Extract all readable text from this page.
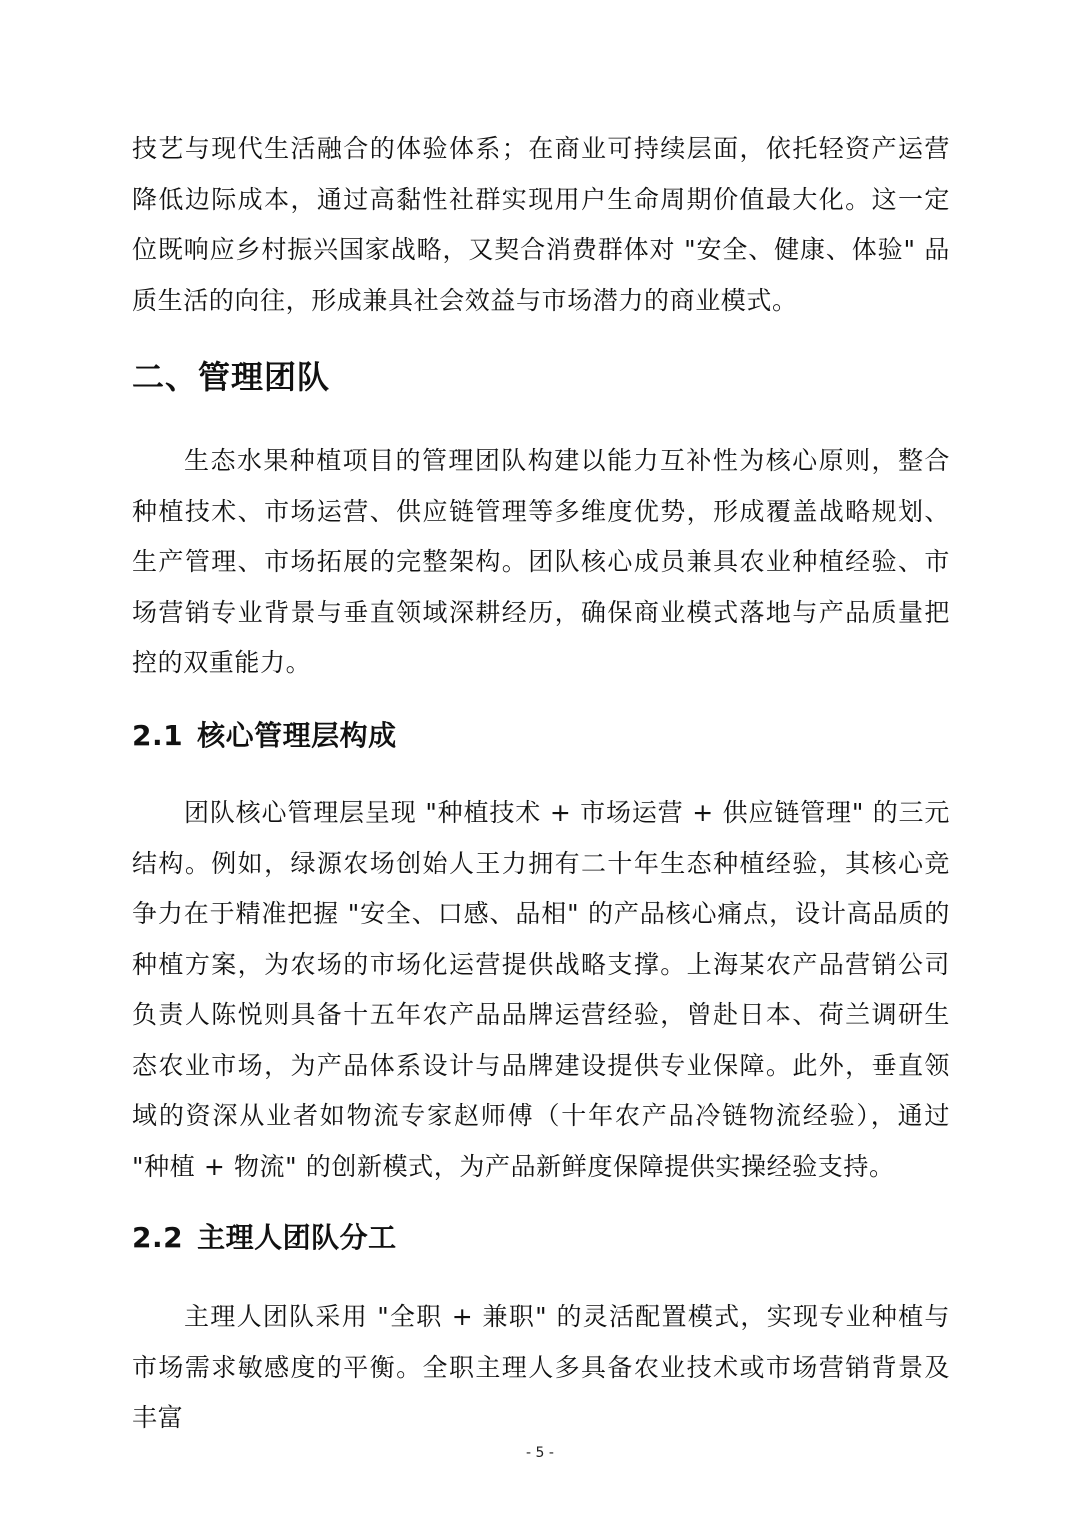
技艺与现代生活融合的体验体系；在商业可持续层面，依托轻资产运营降低边际成本，通过高黏性社群实现用户生命周期价值最大化。这一定位既响应乡村振兴国家战略，又契合消费群体对 "安全、健康、体验" 品质生活的向往，形成兼具社会效益与市场潜力的商业模式。

二、管理团队

生态水果种植项目的管理团队构建以能力互补性为核心原则，整合种植技术、市场运营、供应链管理等多维度优势，形成覆盖战略规划、生产管理、市场拓展的完整架构。团队核心成员兼具农业种植经验、市场营销专业背景与垂直领域深耕经历，确保商业模式落地与产品质量把控的双重能力。

2.1 核心管理层构成

团队核心管理层呈现 "种植技术 + 市场运营 + 供应链管理" 的三元结构。例如，绿源农场创始人王力拥有二十年生态种植经验，其核心竞争力在于精准把握 "安全、口感、品相" 的产品核心痛点，设计高品质的种植方案，为农场的市场化运营提供战略支撑。上海某农产品营销公司负责人陈悦则具备十五年农产品品牌运营经验，曾赴日本、荷兰调研生态农业市场，为产品体系设计与品牌建设提供专业保障。此外，垂直领域的资深从业者如物流专家赵师傅（十年农产品冷链物流经验），通过 "种植 + 物流" 的创新模式，为产品新鲜度保障提供实操经验支持。

2.2 主理人团队分工

主理人团队采用 "全职 + 兼职" 的灵活配置模式，实现专业种植与市场需求敏感度的平衡。全职主理人多具备农业技术或市场营销背景及丰富

- 5 -
